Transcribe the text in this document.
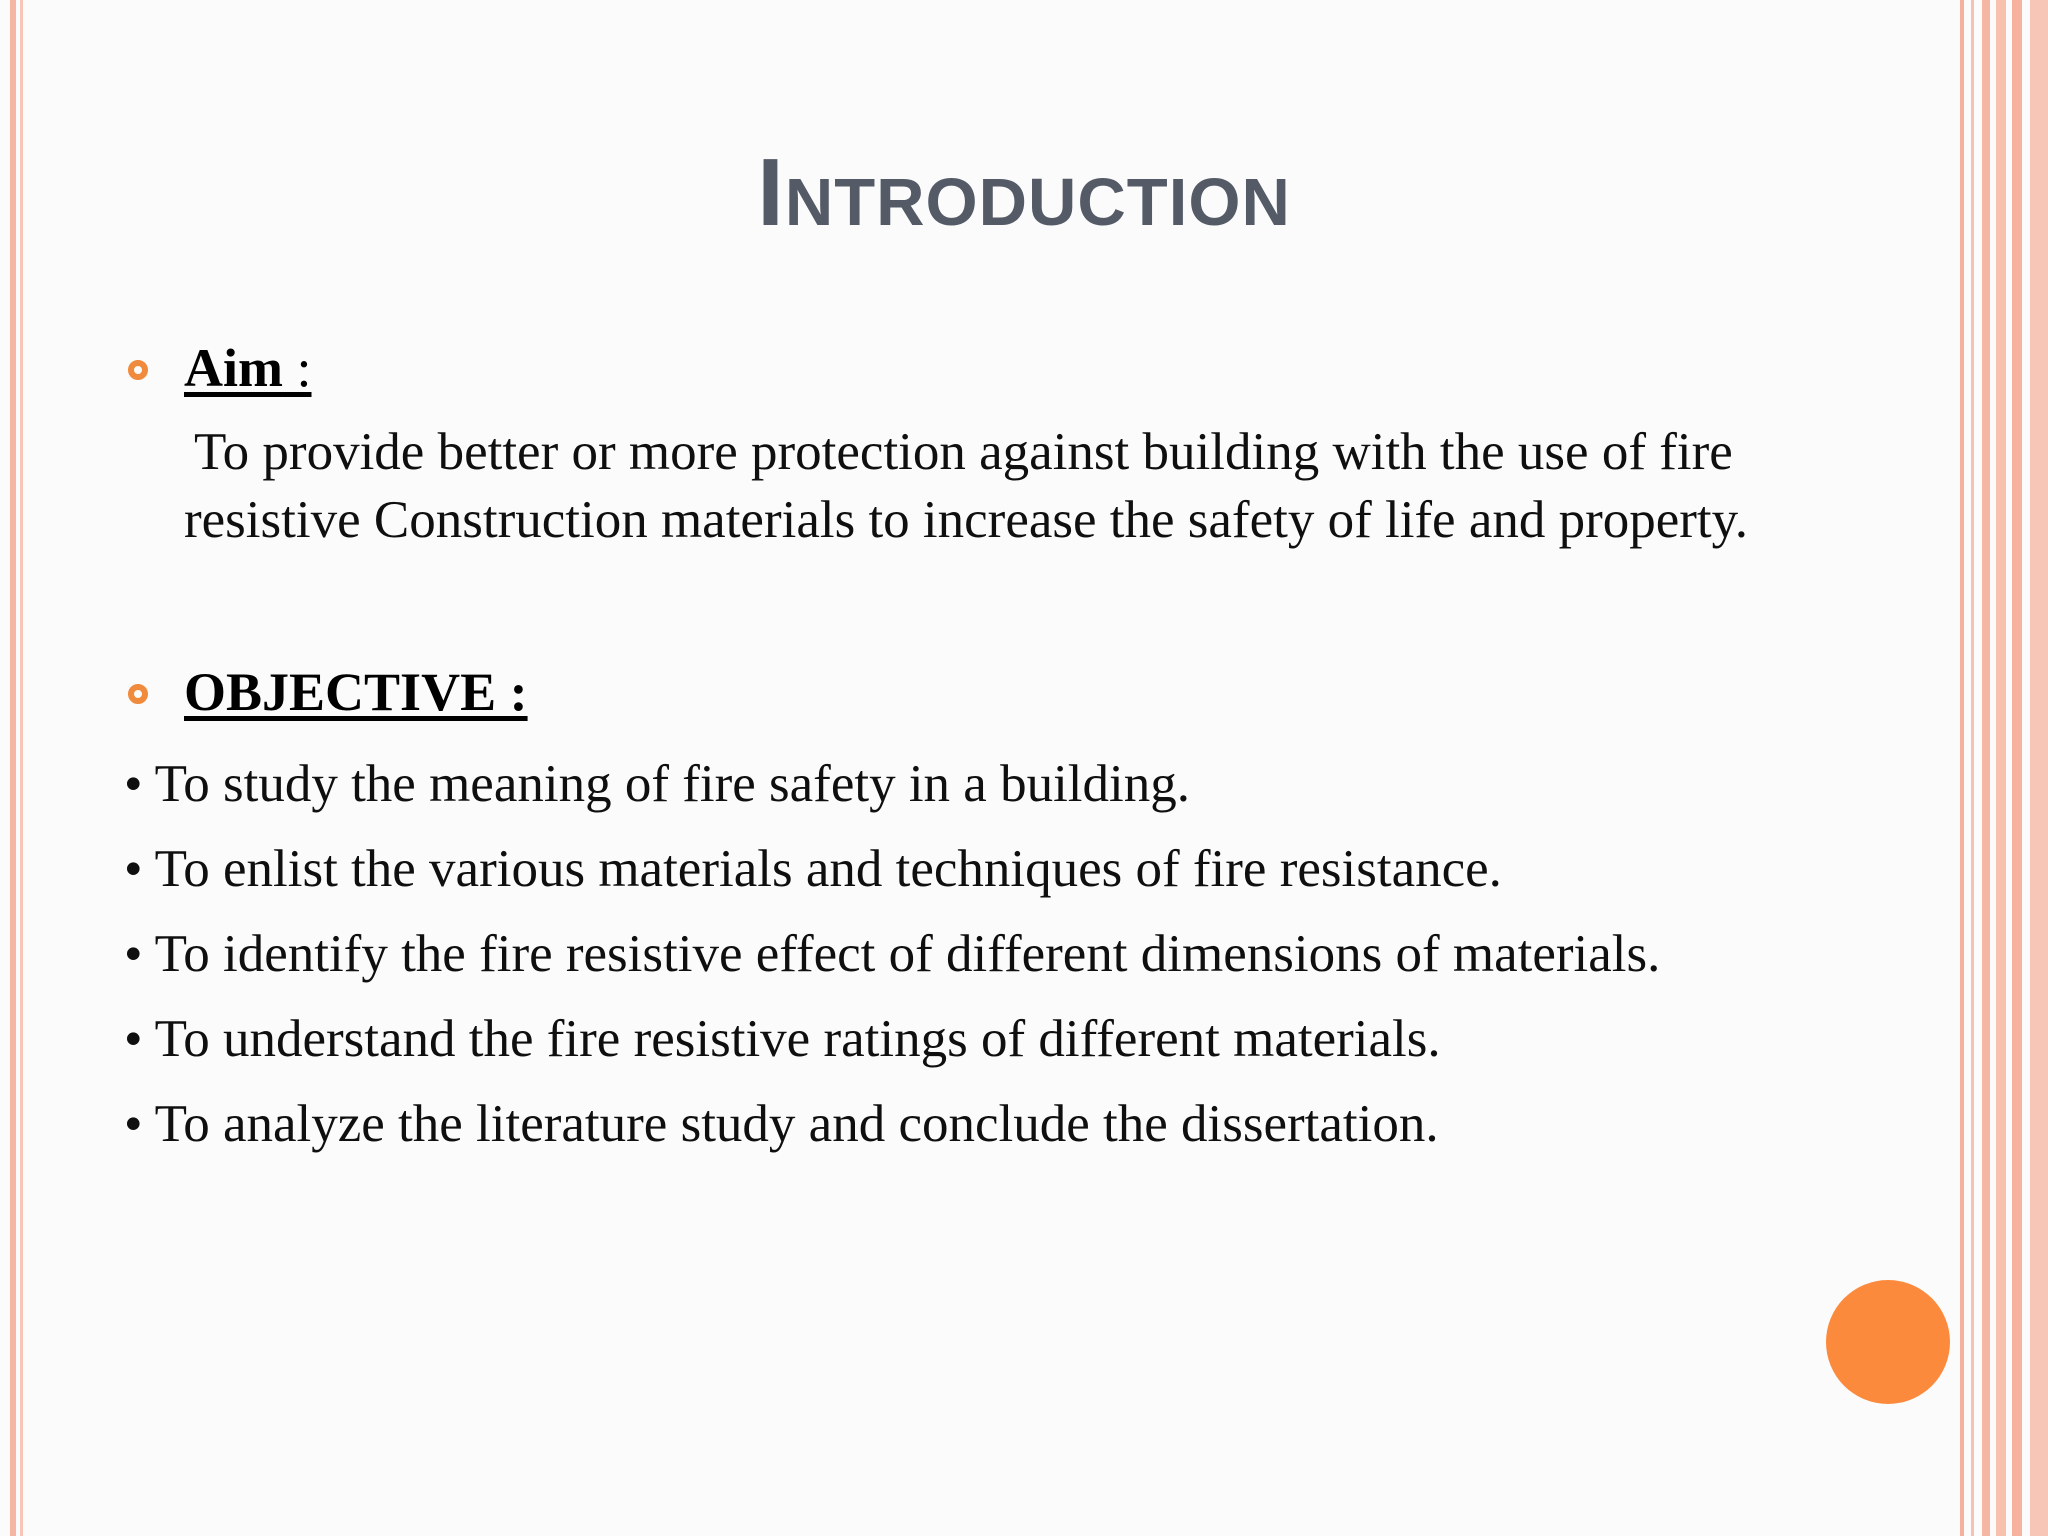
Introduction
Aim :
To provide better or more protection against building with the use of fire
resistive Construction materials to increase the safety of life and property.
OBJECTIVE :
• To study the meaning of fire safety in a building.
• To enlist the various materials and techniques of fire resistance.
• To identify the fire resistive effect of different dimensions of materials.
• To understand the fire resistive ratings of different materials.
• To analyze the literature study and conclude the dissertation.
